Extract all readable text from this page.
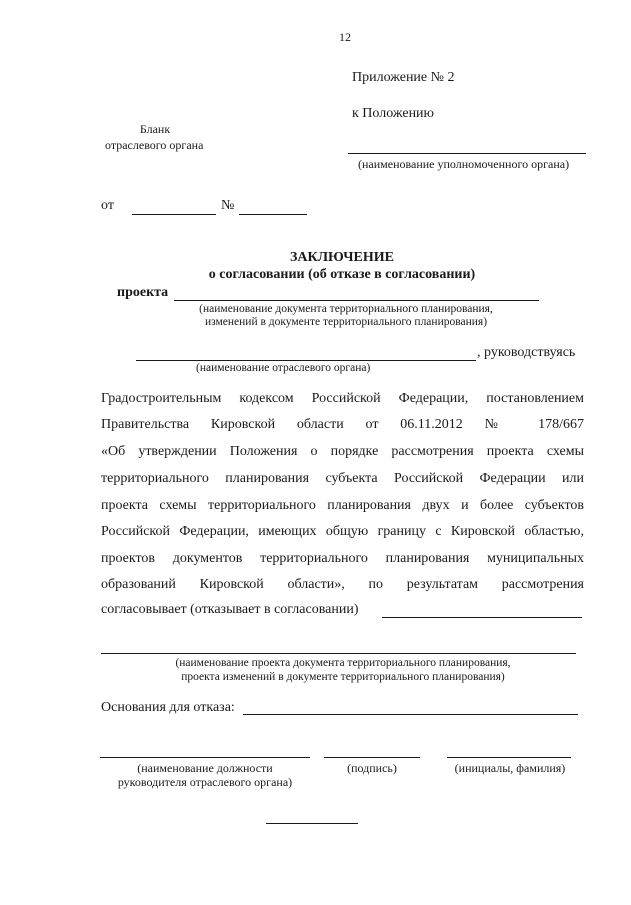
12
Приложение № 2
к Положению
(наименование уполномоченного органа)
Бланк
отраслевого органа
от	№
ЗАКЛЮЧЕНИЕ
о согласовании (об отказе в согласовании)
проекта
(наименование документа территориального планирования,
изменений в документе территориального планирования)
, руководствуясь
(наименование отраслевого органа)
Градостроительным кодексом Российской Федерации, постановлением
Правительства Кировской области от 06.11.2012 № 178/667
«Об утверждении Положения о порядке рассмотрения проекта схемы
территориального планирования субъекта Российской Федерации или
проекта схемы территориального планирования двух и более субъектов
Российской Федерации, имеющих общую границу с Кировской областью,
проектов документов территориального планирования муниципальных
образований Кировской области», по результатам рассмотрения
согласовывает (отказывает в согласовании)
(наименование проекта документа территориального планирования,
проекта изменений в документе территориального планирования)
Основания для отказа:
(наименование должности
руководителя отраслевого органа)
(подпись)	(инициалы, фамилия)
